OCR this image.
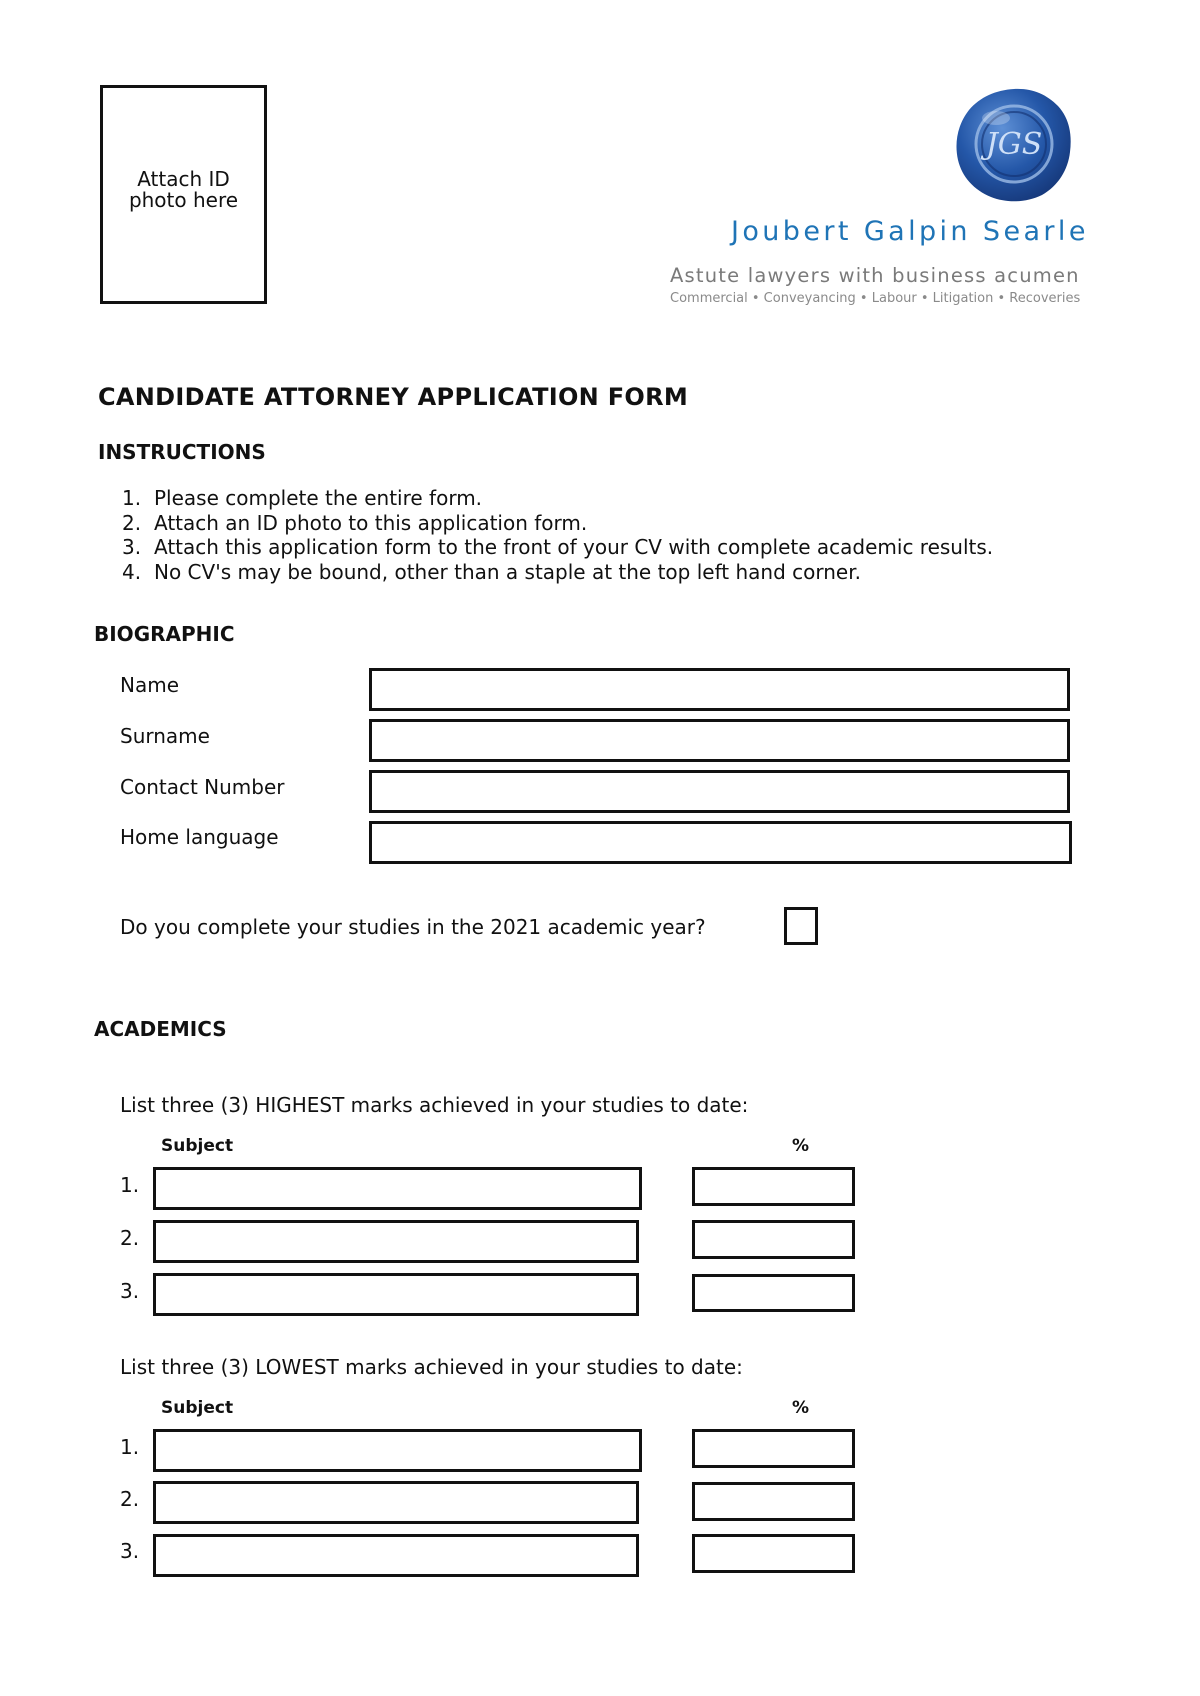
Attach ID photo here
JGS
Joubert Galpin Searle
Astute lawyers with business acumen
Commercial • Conveyancing • Labour • Litigation • Recoveries
CANDIDATE ATTORNEY APPLICATION FORM
INSTRUCTIONS
1. Please complete the entire form.
2. Attach an ID photo to this application form.
3. Attach this application form to the front of your CV with complete academic results.
4. No CV's may be bound, other than a staple at the top left hand corner.
BIOGRAPHIC
Name
Surname
Contact Number
Home language
Do you complete your studies in the 2021 academic year?
ACADEMICS
List three (3) HIGHEST marks achieved in your studies to date:
Subject	%
1.
2.
3.
List three (3) LOWEST marks achieved in your studies to date:
Subject	%
1.
2.
3.
